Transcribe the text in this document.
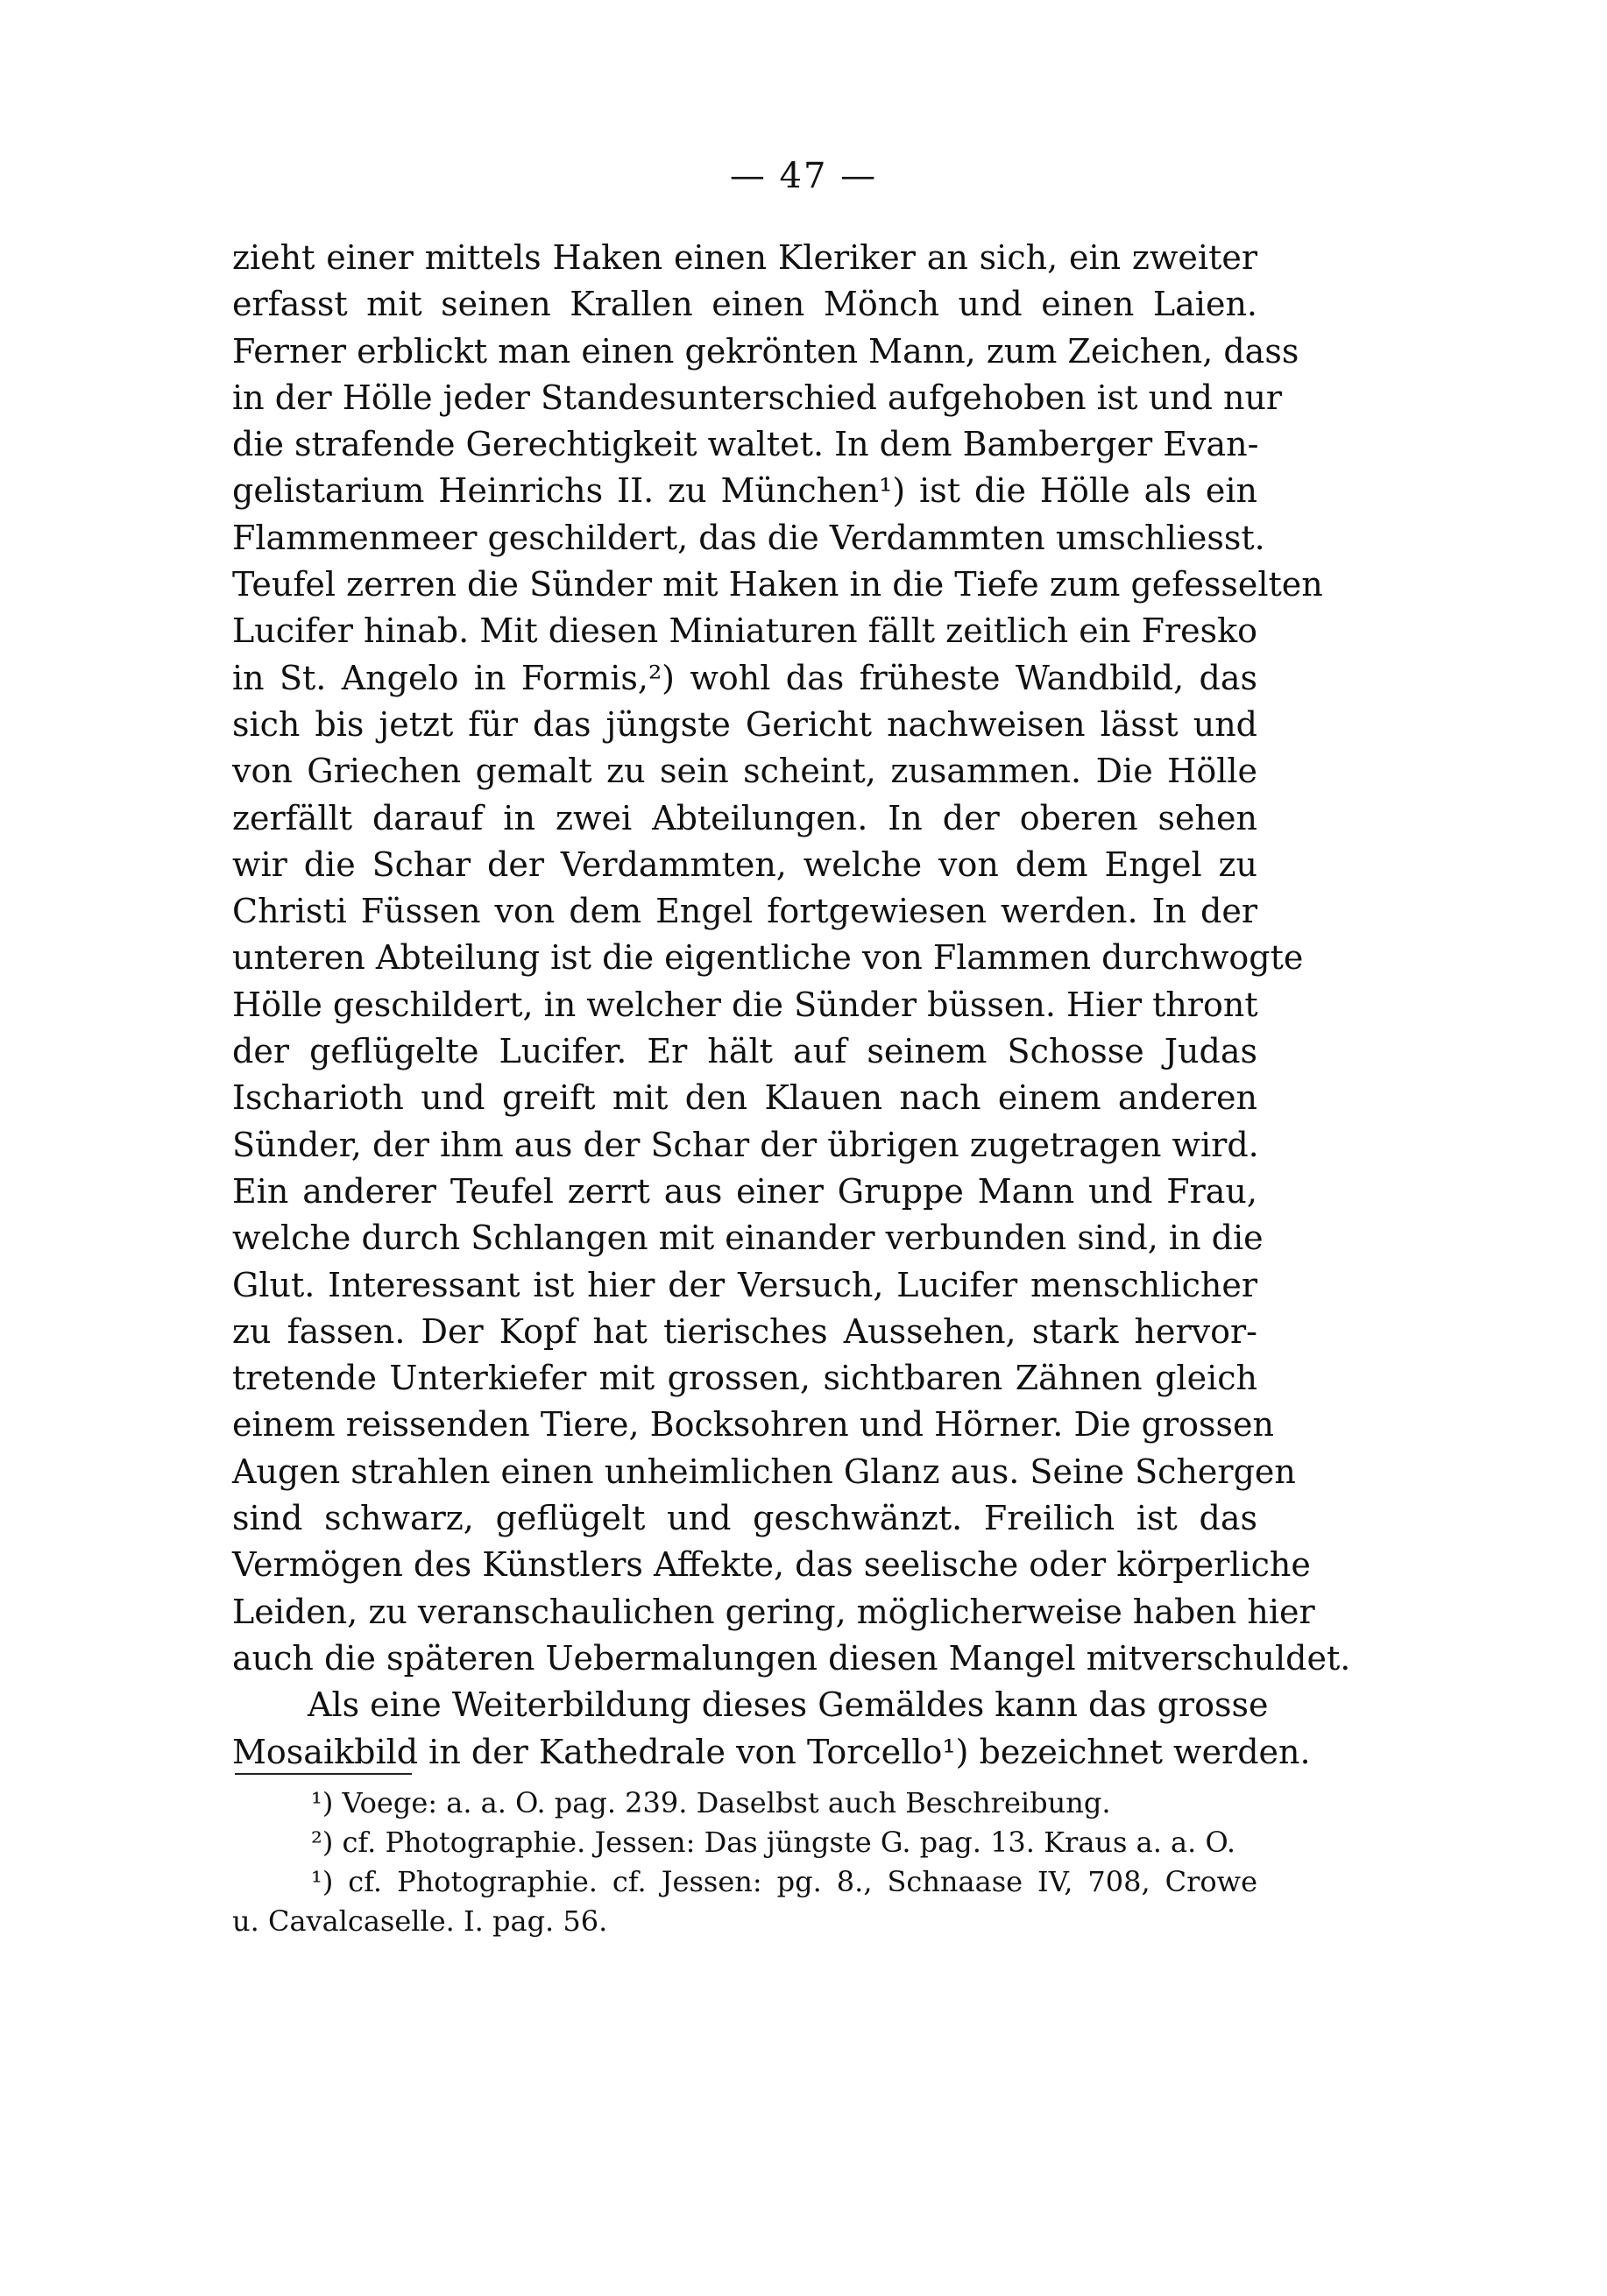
— 47 —
zieht einer mittels Haken einen Kleriker an sich, ein zweiter
erfasst mit seinen Krallen einen Mönch und einen Laien.
Ferner erblickt man einen gekrönten Mann, zum Zeichen, dass
in der Hölle jeder Standesunterschied aufgehoben ist und nur
die strafende Gerechtigkeit waltet. In dem Bamberger Evan-
gelistarium Heinrichs II. zu München¹) ist die Hölle als ein
Flammenmeer geschildert, das die Verdammten umschliesst.
Teufel zerren die Sünder mit Haken in die Tiefe zum gefesselten
Lucifer hinab. Mit diesen Miniaturen fällt zeitlich ein Fresko
in St. Angelo in Formis,²) wohl das früheste Wandbild, das
sich bis jetzt für das jüngste Gericht nachweisen lässt und
von Griechen gemalt zu sein scheint, zusammen. Die Hölle
zerfällt darauf in zwei Abteilungen. In der oberen sehen
wir die Schar der Verdammten, welche von dem Engel zu
Christi Füssen von dem Engel fortgewiesen werden. In der
unteren Abteilung ist die eigentliche von Flammen durchwogte
Hölle geschildert, in welcher die Sünder büssen. Hier thront
der geflügelte Lucifer. Er hält auf seinem Schosse Judas
Ischarioth und greift mit den Klauen nach einem anderen
Sünder, der ihm aus der Schar der übrigen zugetragen wird.
Ein anderer Teufel zerrt aus einer Gruppe Mann und Frau,
welche durch Schlangen mit einander verbunden sind, in die
Glut. Interessant ist hier der Versuch, Lucifer menschlicher
zu fassen. Der Kopf hat tierisches Aussehen, stark hervor-
tretende Unterkiefer mit grossen, sichtbaren Zähnen gleich
einem reissenden Tiere, Bocksohren und Hörner. Die grossen
Augen strahlen einen unheimlichen Glanz aus. Seine Schergen
sind schwarz, geflügelt und geschwänzt. Freilich ist das
Vermögen des Künstlers Affekte, das seelische oder körperliche
Leiden, zu veranschaulichen gering, möglicherweise haben hier
auch die späteren Uebermalungen diesen Mangel mitverschuldet.
Als eine Weiterbildung dieses Gemäldes kann das grosse
Mosaikbild in der Kathedrale von Torcello¹) bezeichnet werden.
¹) Voege: a. a. O. pag. 239. Daselbst auch Beschreibung.
²) cf. Photographie. Jessen: Das jüngste G. pag. 13. Kraus a. a. O.
¹) cf. Photographie. cf. Jessen: pg. 8., Schnaase IV, 708, Crowe
u. Cavalcaselle. I. pag. 56.
